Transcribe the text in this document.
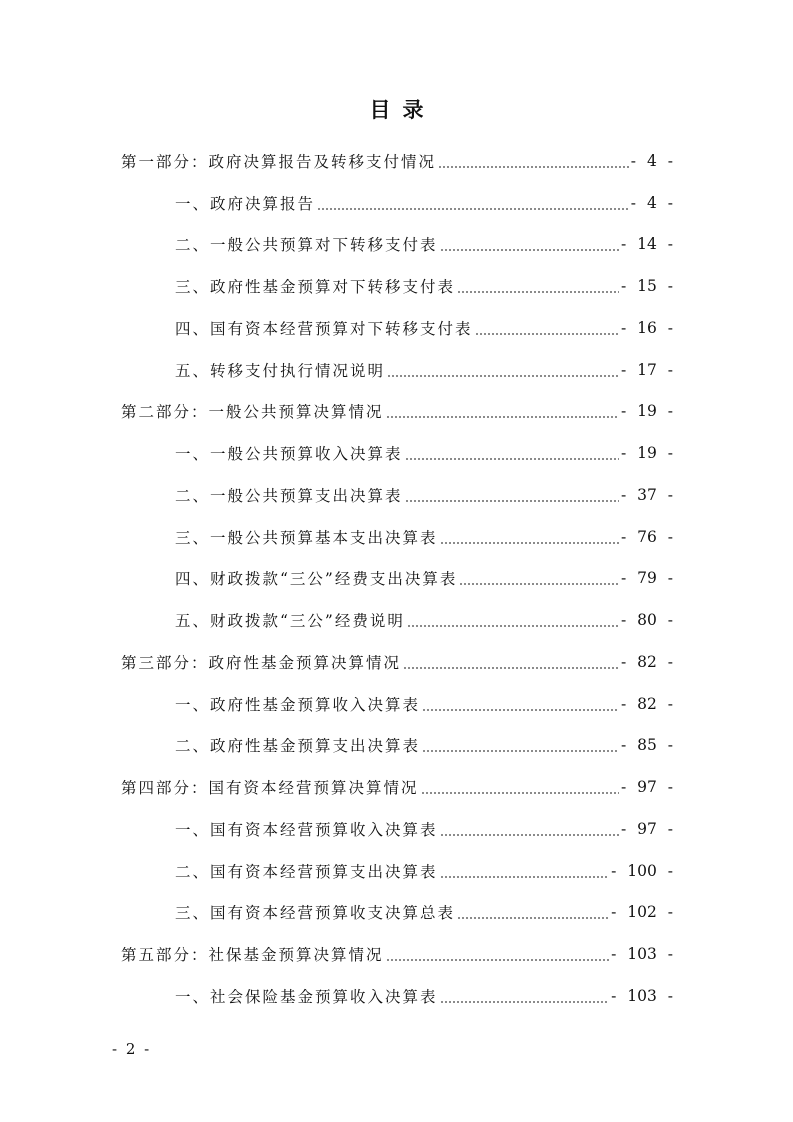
目录
第一部分：政府决算报告及转移支付情况	- 4 -
一、政府决算报告	- 4 -
二、一般公共预算对下转移支付表	- 14 -
三、政府性基金预算对下转移支付表	- 15 -
四、国有资本经营预算对下转移支付表	- 16 -
五、转移支付执行情况说明	- 17 -
第二部分：一般公共预算决算情况	- 19 -
一、一般公共预算收入决算表	- 19 -
二、一般公共预算支出决算表	- 37 -
三、一般公共预算基本支出决算表	- 76 -
四、财政拨款“三公”经费支出决算表	- 79 -
五、财政拨款“三公”经费说明	- 80 -
第三部分：政府性基金预算决算情况	- 82 -
一、政府性基金预算收入决算表	- 82 -
二、政府性基金预算支出决算表	- 85 -
第四部分：国有资本经营预算决算情况	- 97 -
一、国有资本经营预算收入决算表	- 97 -
二、国有资本经营预算支出决算表	- 100 -
三、国有资本经营预算收支决算总表	- 102 -
第五部分：社保基金预算决算情况	- 103 -
一、社会保险基金预算收入决算表	- 103 -
- 2 -
